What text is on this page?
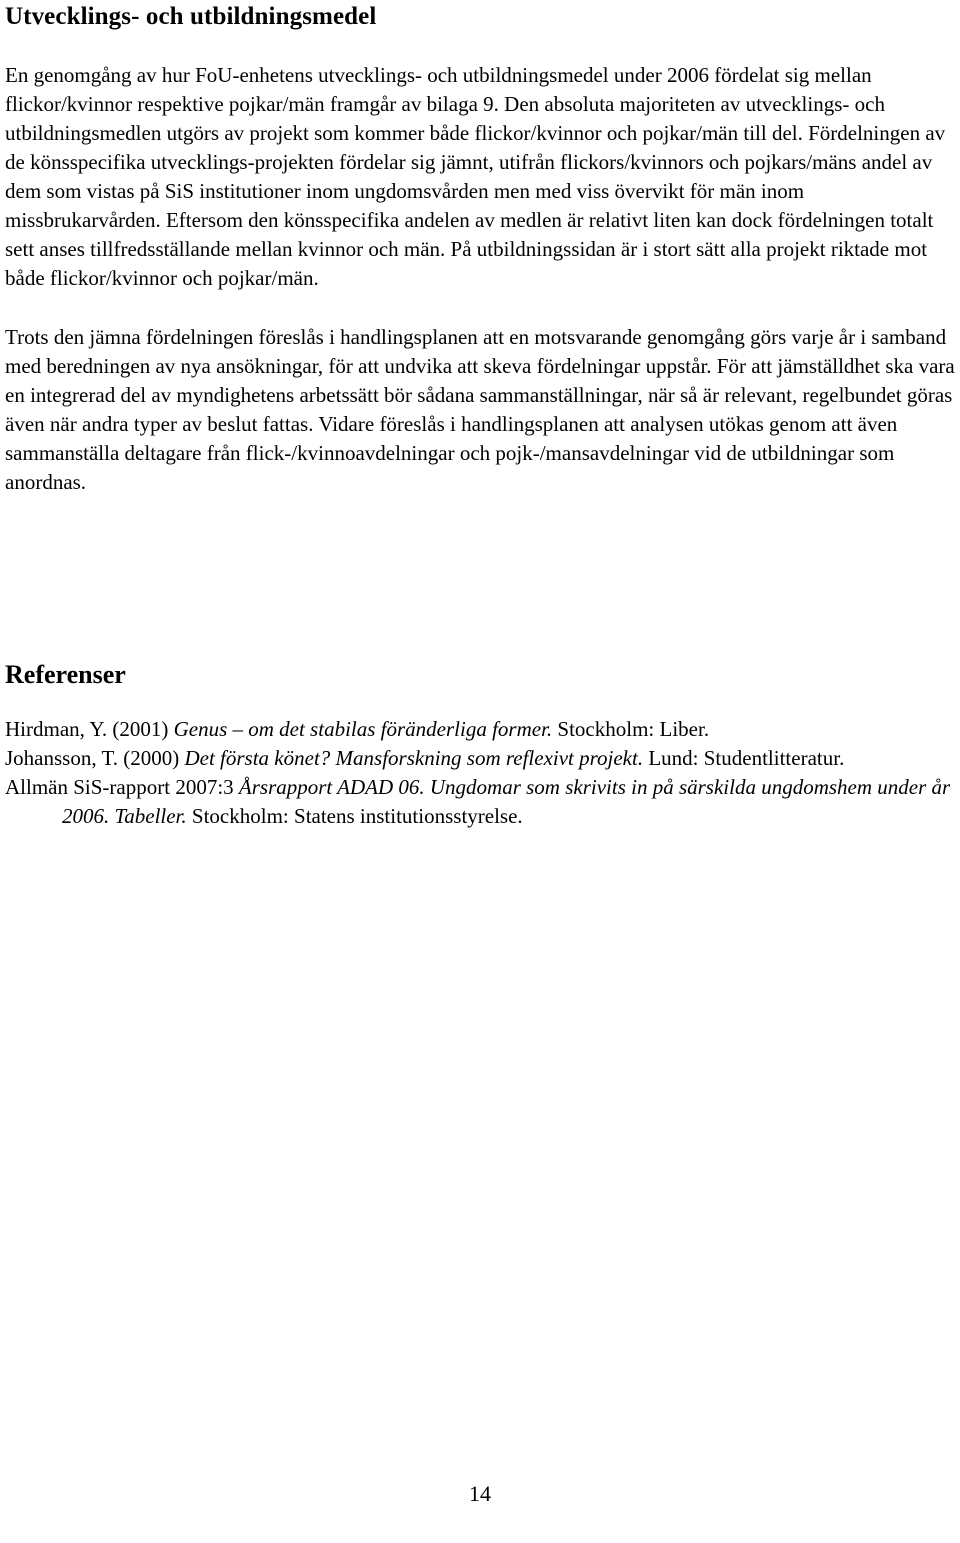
Utvecklings- och utbildningsmedel

En genomgång av hur FoU-enhetens utvecklings- och utbildningsmedel under 2006 fördelat sig mellan flickor/kvinnor respektive pojkar/män framgår av bilaga 9. Den absoluta majoriteten av utvecklings- och utbildningsmedlen utgörs av projekt som kommer både flickor/kvinnor och pojkar/män till del. Fördelningen av de könsspecifika utvecklings-projekten fördelar sig jämnt, utifrån flickors/kvinnors och pojkars/mäns andel av dem som vistas på SiS institutioner inom ungdomsvården men med viss övervikt för män inom missbrukarvården. Eftersom den könsspecifika andelen av medlen är relativt liten kan dock fördelningen totalt sett anses tillfredsställande mellan kvinnor och män. På utbildningssidan är i stort sätt alla projekt riktade mot både flickor/kvinnor och pojkar/män.

Trots den jämna fördelningen föreslås i handlingsplanen att en motsvarande genomgång görs varje år i samband med beredningen av nya ansökningar, för att undvika att skeva fördelningar uppstår. För att jämställdhet ska vara en integrerad del av myndighetens arbetssätt bör sådana sammanställningar, när så är relevant, regelbundet göras även när andra typer av beslut fattas. Vidare föreslås i handlingsplanen att analysen utökas genom att även sammanställa deltagare från flick-/kvinnoavdelningar och pojk-/mansavdelningar vid de utbildningar som anordnas.

Referenser

Hirdman, Y. (2001) Genus – om det stabilas föränderliga former. Stockholm: Liber.

Johansson, T. (2000) Det första könet? Mansforskning som reflexivt projekt. Lund: Studentlitteratur.

Allmän SiS-rapport 2007:3 Årsrapport ADAD 06. Ungdomar som skrivits in på särskilda ungdomshem under år 2006. Tabeller. Stockholm: Statens institutionsstyrelse.

14
